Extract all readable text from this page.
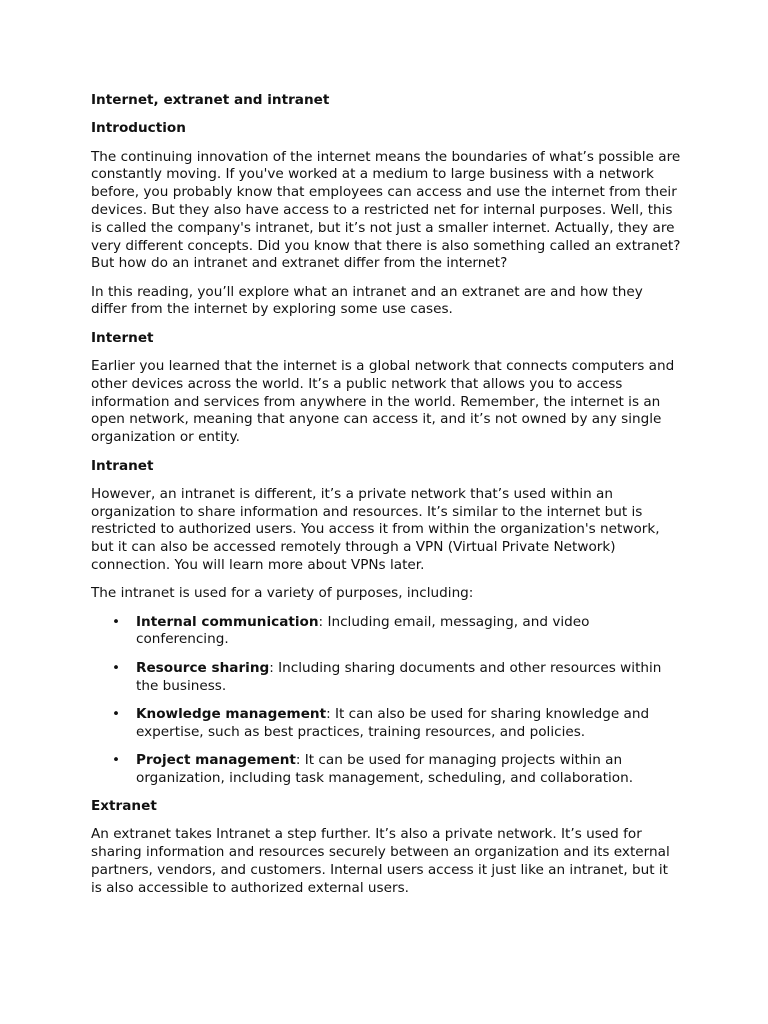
Internet, extranet and intranet
Introduction

The continuing innovation of the internet means the boundaries of what’s possible are constantly moving. If you've worked at a medium to large business with a network before, you probably know that employees can access and use the internet from their devices. But they also have access to a restricted net for internal purposes. Well, this is called the company's intranet, but it’s not just a smaller internet. Actually, they are very different concepts. Did you know that there is also something called an extranet? But how do an intranet and extranet differ from the internet?

In this reading, you’ll explore what an intranet and an extranet are and how they differ from the internet by exploring some use cases.

Internet

Earlier you learned that the internet is a global network that connects computers and other devices across the world. It’s a public network that allows you to access information and services from anywhere in the world. Remember, the internet is an open network, meaning that anyone can access it, and it’s not owned by any single organization or entity.

Intranet

However, an intranet is different, it’s a private network that’s used within an organization to share information and resources. It’s similar to the internet but is restricted to authorized users. You access it from within the organization's network, but it can also be accessed remotely through a VPN (Virtual Private Network) connection. You will learn more about VPNs later.

The intranet is used for a variety of purposes, including:

• Internal communication: Including email, messaging, and video conferencing.
• Resource sharing: Including sharing documents and other resources within the business.
• Knowledge management: It can also be used for sharing knowledge and expertise, such as best practices, training resources, and policies.
• Project management: It can be used for managing projects within an organization, including task management, scheduling, and collaboration.
Extranet

An extranet takes Intranet a step further. It’s also a private network. It’s used for sharing information and resources securely between an organization and its external partners, vendors, and customers. Internal users access it just like an intranet, but it is also accessible to authorized external users.
